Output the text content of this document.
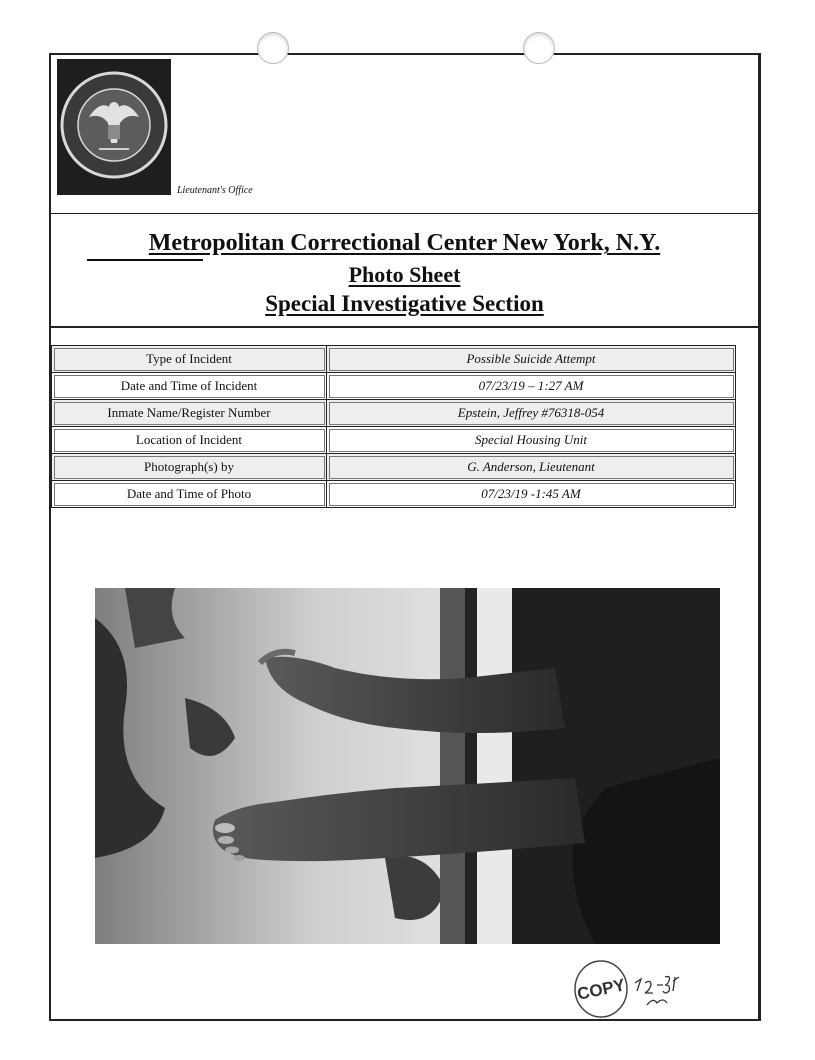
Lieutenant's Office
Metropolitan Correctional Center New York, N.Y.
Photo Sheet
Special Investigative Section
Type of Incident	Possible Suicide Attempt
Date and Time of Incident	07/23/19 – 1:27 AM
Inmate Name/Register Number	Epstein, Jeffrey #76318-054
Location of Incident	Special Housing Unit
Photograph(s) by	G. Anderson, Lieutenant
Date and Time of Photo	07/23/19 -1:45 AM
COPY
